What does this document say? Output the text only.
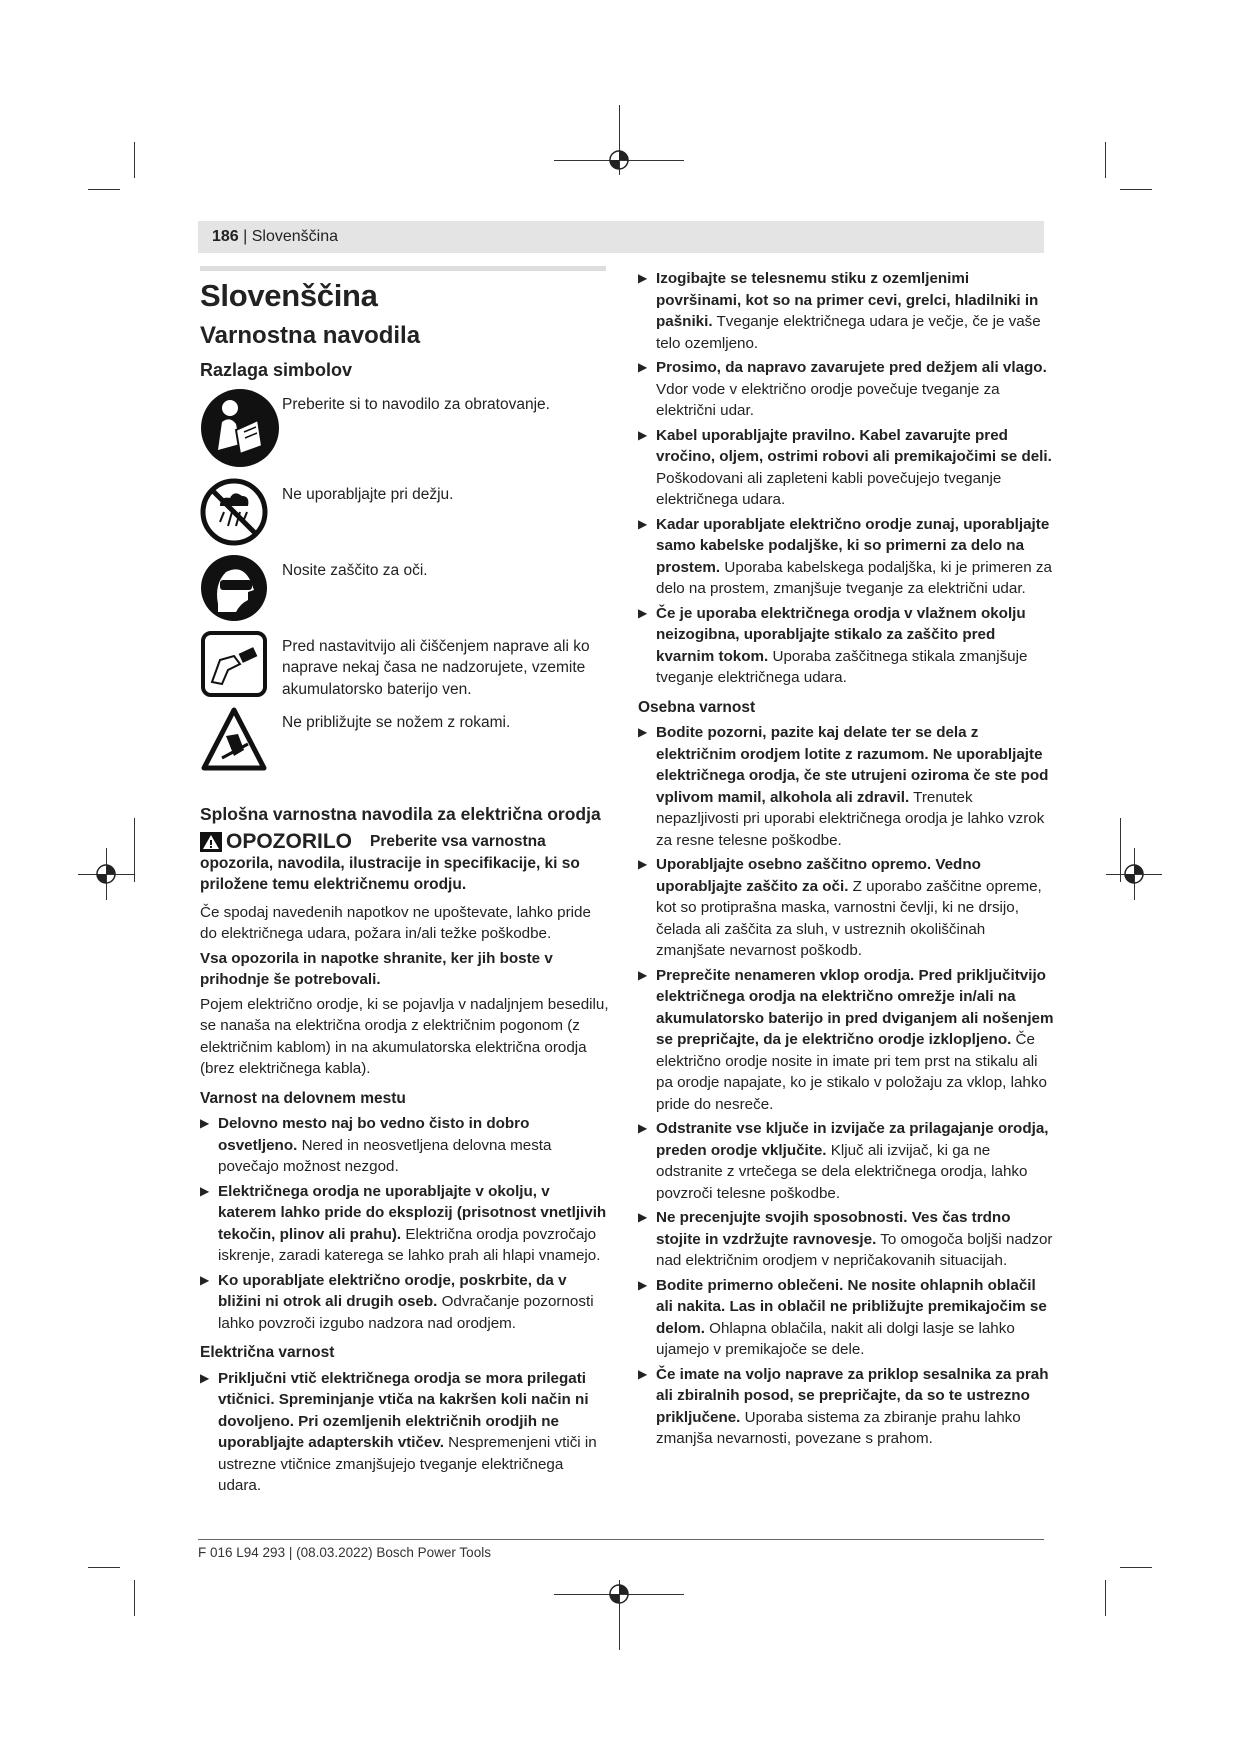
186 | Slovenščina
Slovenščina
Varnostna navodila
Razlaga simbolov
Preberite si to navodilo za obratovanje.
Ne uporabljajte pri dežju.
Nosite zaščito za oči.
Pred nastavitvijo ali čiščenjem naprave ali ko naprave nekaj časa ne nadzorujete, vzemite akumulatorsko baterijo ven.
Ne približujte se nožem z rokami.
Splošna varnostna navodila za električna orodja
OPOZORILO Preberite vsa varnostna opozorila, navodila, ilustracije in specifikacije, ki so priložene temu električnemu orodju.

Če spodaj navedenih napotkov ne upoštevate, lahko pride do električnega udara, požara in/ali težke poškodbe.

Vsa opozorila in napotke shranite, ker jih boste v prihodnje še potrebovali.

Pojem električno orodje, ki se pojavlja v nadaljnjem besedilu, se nanaša na električna orodja z električnim pogonom (z električnim kablom) in na akumulatorska električna orodja (brez električnega kabla).

Varnost na delovnem mestu
▶ Delovno mesto naj bo vedno čisto in dobro osvetljeno. Nered in neosvetljena delovna mesta povečajo možnost nezgod.
▶ Električnega orodja ne uporabljajte v okolju, v katerem lahko pride do eksplozij (prisotnost vnetljivih tekočin, plinov ali prahu). Električna orodja povzročajo iskrenje, zaradi katerega se lahko prah ali hlapi vnamejo.
▶ Ko uporabljate električno orodje, poskrbite, da v bližini ni otrok ali drugih oseb. Odvračanje pozornosti lahko povzroči izgubo nadzora nad orodjem.
Električna varnost
▶ Priključni vtič električnega orodja se mora prilegati vtičnici. Spreminjanje vtiča na kakršen koli način ni dovoljeno. Pri ozemljenih električnih orodjih ne uporabljajte adapterskih vtičev. Nespremenjeni vtiči in ustrezne vtičnice zmanjšujejo tveganje električnega udara.
▶ Izogibajte se telesnemu stiku z ozemljenimi površinami, kot so na primer cevi, grelci, hladilniki in pašniki. Tveganje električnega udara je večje, če je vaše telo ozemljeno.
▶ Prosimo, da napravo zavarujete pred dežjem ali vlago. Vdor vode v električno orodje povečuje tveganje za električni udar.
▶ Kabel uporabljajte pravilno. Kabel zavarujte pred vročino, oljem, ostrimi robovi ali premikajočimi se deli. Poškodovani ali zapleteni kabli povečujejo tveganje električnega udara.
▶ Kadar uporabljate električno orodje zunaj, uporabljajte samo kabelske podaljške, ki so primerni za delo na prostem. Uporaba kabelskega podaljška, ki je primeren za delo na prostem, zmanjšuje tveganje za električni udar.
▶ Če je uporaba električnega orodja v vlažnem okolju neizogibna, uporabljajte stikalo za zaščito pred kvarnim tokom. Uporaba zaščitnega stikala zmanjšuje tveganje električnega udara.
Osebna varnost
▶ Bodite pozorni, pazite kaj delate ter se dela z električnim orodjem lotite z razumom. Ne uporabljajte električnega orodja, če ste utrujeni oziroma če ste pod vplivom mamil, alkohola ali zdravil. Trenutek nepazljivosti pri uporabi električnega orodja je lahko vzrok za resne telesne poškodbe.
▶ Uporabljajte osebno zaščitno opremo. Vedno uporabljajte zaščito za oči. Z uporabo zaščitne opreme, kot so protiprašna maska, varnostni čevlji, ki ne drsijo, čelada ali zaščita za sluh, v ustreznih okoliščinah zmanjšate nevarnost poškodb.
▶ Preprečite nenameren vklop orodja. Pred priključitvijo električnega orodja na električno omrežje in/ali na akumulatorsko baterijo in pred dviganjem ali nošenjem se prepričajte, da je električno orodje izklopljeno. Če električno orodje nosite in imate pri tem prst na stikalu ali pa orodje napajate, ko je stikalo v položaju za vklop, lahko pride do nesreče.
▶ Odstranite vse ključe in izvijače za prilagajanje orodja, preden orodje vključite. Ključ ali izvijač, ki ga ne odstranite z vrtečega se dela električnega orodja, lahko povzroči telesne poškodbe.
▶ Ne precenjujte svojih sposobnosti. Ves čas trdno stojite in vzdržujte ravnovesje. To omogoča boljši nadzor nad električnim orodjem v nepričakovanih situacijah.
▶ Bodite primerno oblečeni. Ne nosite ohlapnih oblačil ali nakita. Las in oblačil ne približujte premikajočim se delom. Ohlapna oblačila, nakit ali dolgi lasje se lahko ujamejo v premikajoče se dele.
▶ Če imate na voljo naprave za priklop sesalnika za prah ali zbiralnih posod, se prepričajte, da so te ustrezno priključene. Uporaba sistema za zbiranje prahu lahko zmanjša nevarnosti, povezane s prahom.
F 016 L94 293 | (08.03.2022) Bosch Power Tools
